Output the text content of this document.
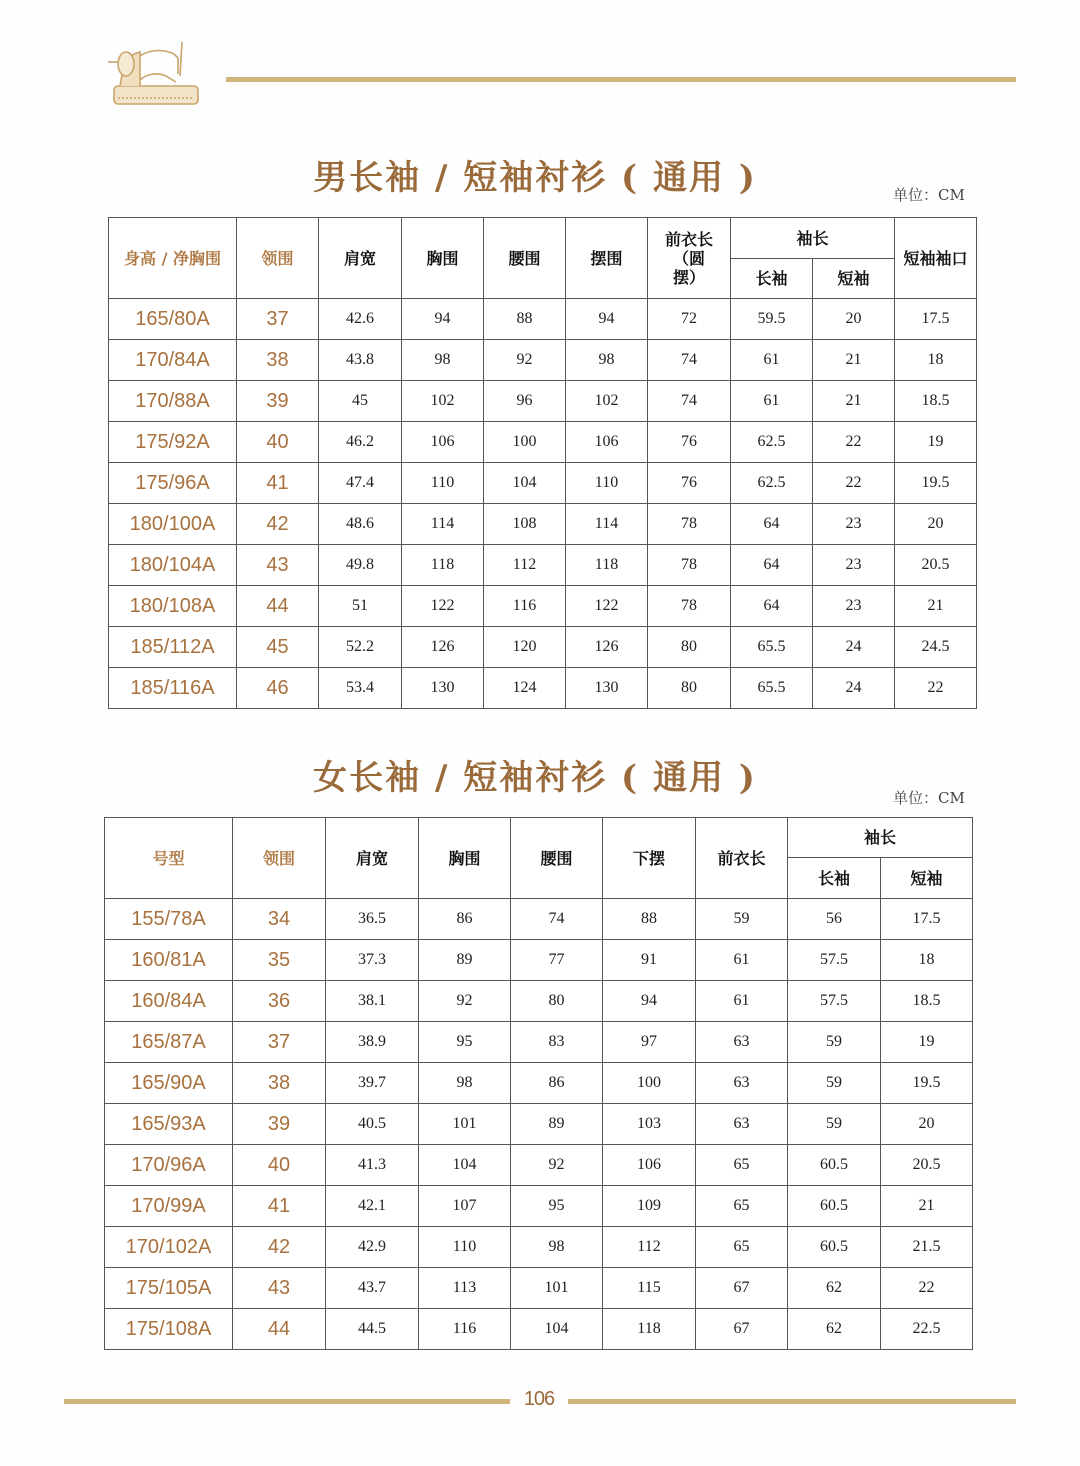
男长袖 / 短袖衬衫 ( 通用 )	单位：CM
身高 / 净胸围	领围	肩宽	胸围	腰围	摆围	前衣长（圆摆）	袖长		短袖袖口
							长袖	短袖	
165/80A	37	42.6	94	88	94	72	59.5	20	17.5
170/84A	38	43.8	98	92	98	74	61	21	18
170/88A	39	45	102	96	102	74	61	21	18.5
175/92A	40	46.2	106	100	106	76	62.5	22	19
175/96A	41	47.4	110	104	110	76	62.5	22	19.5
180/100A	42	48.6	114	108	114	78	64	23	20
180/104A	43	49.8	118	112	118	78	64	23	20.5
180/108A	44	51	122	116	122	78	64	23	21
185/112A	45	52.2	126	120	126	80	65.5	24	24.5
185/116A	46	53.4	130	124	130	80	65.5	24	22
女长袖 / 短袖衬衫 ( 通用 )	单位：CM
号型	领围	肩宽	胸围	腰围	下摆	前衣长	袖长	
							长袖	短袖
155/78A	34	36.5	86	74	88	59	56	17.5
160/81A	35	37.3	89	77	91	61	57.5	18
160/84A	36	38.1	92	80	94	61	57.5	18.5
165/87A	37	38.9	95	83	97	63	59	19
165/90A	38	39.7	98	86	100	63	59	19.5
165/93A	39	40.5	101	89	103	63	59	20
170/96A	40	41.3	104	92	106	65	60.5	20.5
170/99A	41	42.1	107	95	109	65	60.5	21
170/102A	42	42.9	110	98	112	65	60.5	21.5
175/105A	43	43.7	113	101	115	67	62	22
175/108A	44	44.5	116	104	118	67	62	22.5
106
